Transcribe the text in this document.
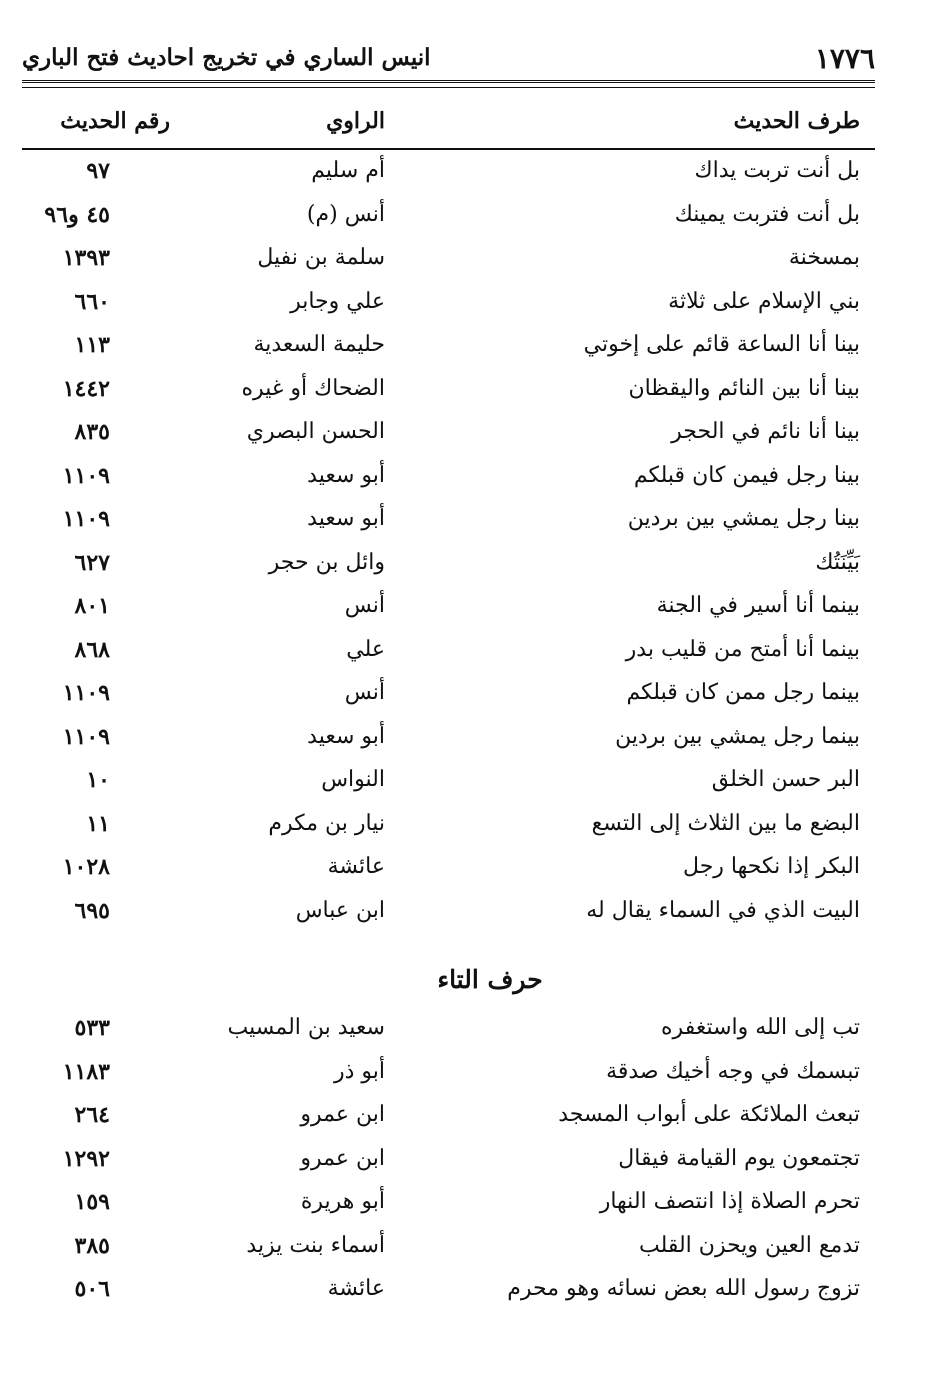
١٧٧٦
انيس الساري في تخريج احاديث فتح الباري
طرف الحديث
الراوي
رقم الحديث
بل أنت تربت يداك
أم سليم
٩٧
بل أنت فتربت يمينك
أنس (م)
٤٥ و٩٦
بمسخنة
سلمة بن نفيل
١٣٩٣
بني الإسلام على ثلاثة
علي وجابر
٦٦٠
بينا أنا الساعة قائم على إخوتي
حليمة السعدية
١١٣
بينا أنا بين النائم واليقظان
الضحاك أو غيره
١٤٤٢
بينا أنا نائم في الحجر
الحسن البصري
٨٣٥
بينا رجل فيمن كان قبلكم
أبو سعيد
١١٠٩
بينا رجل يمشي بين بردين
أبو سعيد
١١٠٩
بَيِّنَتُك
وائل بن حجر
٦٢٧
بينما أنا أسير في الجنة
أنس
٨٠١
بينما أنا أمتح من قليب بدر
علي
٨٦٨
بينما رجل ممن كان قبلكم
أنس
١١٠٩
بينما رجل يمشي بين بردين
أبو سعيد
١١٠٩
البر حسن الخلق
النواس
١٠
البضع ما بين الثلاث إلى التسع
نيار بن مكرم
١١
البكر إذا نكحها رجل
عائشة
١٠٢٨
البيت الذي في السماء يقال له
ابن عباس
٦٩٥
حرف التاء
تب إلى الله واستغفره
سعيد بن المسيب
٥٣٣
تبسمك في وجه أخيك صدقة
أبو ذر
١١٨٣
تبعث الملائكة على أبواب المسجد
ابن عمرو
٢٦٤
تجتمعون يوم القيامة فيقال
ابن عمرو
١٢٩٢
تحرم الصلاة إذا انتصف النهار
أبو هريرة
١٥٩
تدمع العين ويحزن القلب
أسماء بنت يزيد
٣٨٥
تزوج رسول الله بعض نسائه وهو محرم
عائشة
٥٠٦
